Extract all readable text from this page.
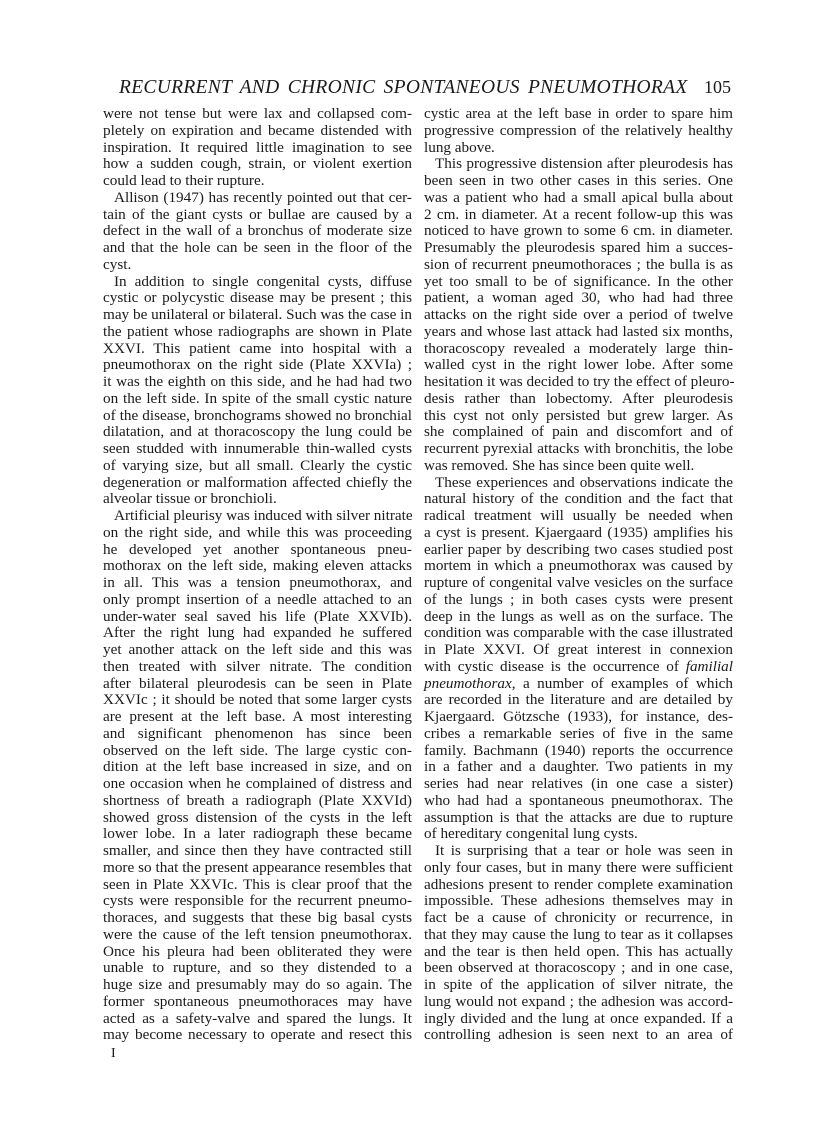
RECURRENT AND CHRONIC SPONTANEOUS PNEUMOTHORAX 105
were not tense but were lax and collapsed com-
pletely on expiration and became distended with
inspiration. It required little imagination to see
how a sudden cough, strain, or violent exertion
could lead to their rupture.
Allison (1947) has recently pointed out that cer-
tain of the giant cysts or bullae are caused by a
defect in the wall of a bronchus of moderate size
and that the hole can be seen in the floor of the
cyst.
In addition to single congenital cysts, diffuse
cystic or polycystic disease may be present ; this
may be unilateral or bilateral. Such was the case in
the patient whose radiographs are shown in Plate
XXVI. This patient came into hospital with a
pneumothorax on the right side (Plate XXVIa) ;
it was the eighth on this side, and he had had two
on the left side. In spite of the small cystic nature
of the disease, bronchograms showed no bronchial
dilatation, and at thoracoscopy the lung could be
seen studded with innumerable thin-walled cysts
of varying size, but all small. Clearly the cystic
degeneration or malformation affected chiefly the
alveolar tissue or bronchioli.
Artificial pleurisy was induced with silver nitrate
on the right side, and while this was proceeding
he developed yet another spontaneous pneu-
mothorax on the left side, making eleven attacks
in all. This was a tension pneumothorax, and
only prompt insertion of a needle attached to an
under-water seal saved his life (Plate XXVIb).
After the right lung had expanded he suffered
yet another attack on the left side and this was
then treated with silver nitrate. The condition
after bilateral pleurodesis can be seen in Plate
XXVIc ; it should be noted that some larger cysts
are present at the left base. A most interesting
and significant phenomenon has since been
observed on the left side. The large cystic con-
dition at the left base increased in size, and on
one occasion when he complained of distress and
shortness of breath a radiograph (Plate XXVId)
showed gross distension of the cysts in the left
lower lobe. In a later radiograph these became
smaller, and since then they have contracted still
more so that the present appearance resembles that
seen in Plate XXVIc. This is clear proof that the
cysts were responsible for the recurrent pneumo-
thoraces, and suggests that these big basal cysts
were the cause of the left tension pneumothorax.
Once his pleura had been obliterated they were
unable to rupture, and so they distended to a
huge size and presumably may do so again. The
former spontaneous pneumothoraces may have
acted as a safety-valve and spared the lungs. It
may become necessary to operate and resect this
cystic area at the left base in order to spare him
progressive compression of the relatively healthy
lung above.
This progressive distension after pleurodesis has
been seen in two other cases in this series. One
was a patient who had a small apical bulla about
2 cm. in diameter. At a recent follow-up this was
noticed to have grown to some 6 cm. in diameter.
Presumably the pleurodesis spared him a succes-
sion of recurrent pneumothoraces ; the bulla is as
yet too small to be of significance. In the other
patient, a woman aged 30, who had had three
attacks on the right side over a period of twelve
years and whose last attack had lasted six months,
thoracoscopy revealed a moderately large thin-
walled cyst in the right lower lobe. After some
hesitation it was decided to try the effect of pleuro-
desis rather than lobectomy. After pleurodesis
this cyst not only persisted but grew larger. As
she complained of pain and discomfort and of
recurrent pyrexial attacks with bronchitis, the lobe
was removed. She has since been quite well.
These experiences and observations indicate the
natural history of the condition and the fact that
radical treatment will usually be needed when
a cyst is present. Kjaergaard (1935) amplifies his
earlier paper by describing two cases studied post
mortem in which a pneumothorax was caused by
rupture of congenital valve vesicles on the surface
of the lungs ; in both cases cysts were present
deep in the lungs as well as on the surface. The
condition was comparable with the case illustrated
in Plate XXVI. Of great interest in connexion
with cystic disease is the occurrence of familial
pneumothorax, a number of examples of which
are recorded in the literature and are detailed by
Kjaergaard. Götzsche (1933), for instance, des-
cribes a remarkable series of five in the same
family. Bachmann (1940) reports the occurrence
in a father and a daughter. Two patients in my
series had near relatives (in one case a sister)
who had had a spontaneous pneumothorax. The
assumption is that the attacks are due to rupture
of hereditary congenital lung cysts.
It is surprising that a tear or hole was seen in
only four cases, but in many there were sufficient
adhesions present to render complete examination
impossible. These adhesions themselves may in
fact be a cause of chronicity or recurrence, in
that they may cause the lung to tear as it collapses
and the tear is then held open. This has actually
been observed at thoracoscopy ; and in one case,
in spite of the application of silver nitrate, the
lung would not expand ; the adhesion was accord-
ingly divided and the lung at once expanded. If a
controlling adhesion is seen next to an area of
I
